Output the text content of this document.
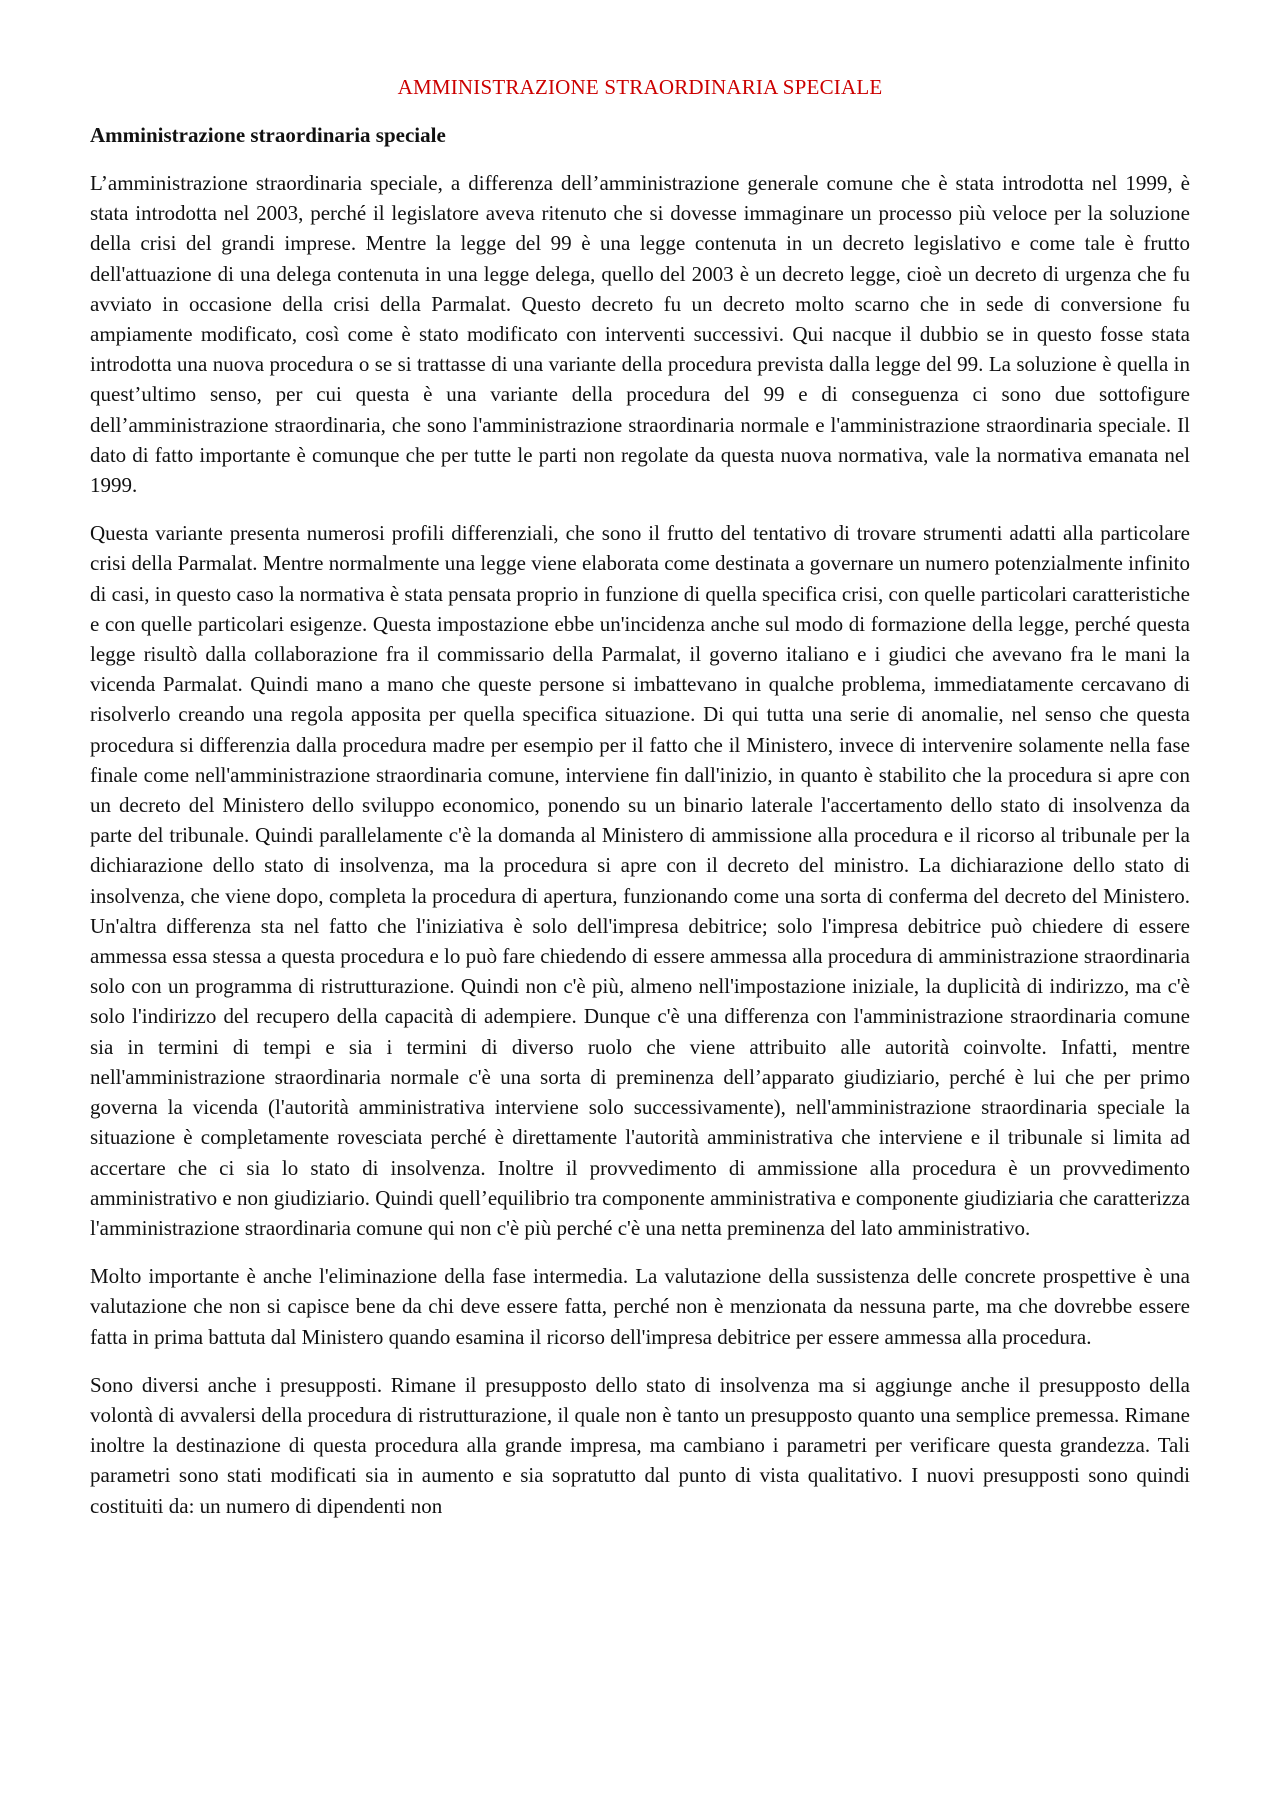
AMMINISTRAZIONE STRAORDINARIA SPECIALE
Amministrazione straordinaria speciale

L’amministrazione straordinaria speciale, a differenza dell’amministrazione generale comune che è stata introdotta nel 1999, è stata introdotta nel 2003, perché il legislatore aveva ritenuto che si dovesse immaginare un processo più veloce per la soluzione della crisi del grandi imprese. Mentre la legge del 99 è una legge contenuta in un decreto legislativo e come tale è frutto dell'attuazione di una delega contenuta in una legge delega, quello del 2003 è un decreto legge, cioè un decreto di urgenza che fu avviato in occasione della crisi della Parmalat. Questo decreto fu un decreto molto scarno che in sede di conversione fu ampiamente modificato, così come è stato modificato con interventi successivi. Qui nacque il dubbio se in questo fosse stata introdotta una nuova procedura o se si trattasse di una variante della procedura prevista dalla legge del 99. La soluzione è quella in quest’ultimo senso, per cui questa è una variante della procedura del 99 e di conseguenza ci sono due sottofigure dell’amministrazione straordinaria, che sono l'amministrazione straordinaria normale e l'amministrazione straordinaria speciale. Il dato di fatto importante è comunque che per tutte le parti non regolate da questa nuova normativa, vale la normativa emanata nel 1999.

Questa variante presenta numerosi profili differenziali, che sono il frutto del tentativo di trovare strumenti adatti alla particolare crisi della Parmalat. Mentre normalmente una legge viene elaborata come destinata a governare un numero potenzialmente infinito di casi, in questo caso la normativa è stata pensata proprio in funzione di quella specifica crisi, con quelle particolari caratteristiche e con quelle particolari esigenze. Questa impostazione ebbe un'incidenza anche sul modo di formazione della legge, perché questa legge risultò dalla collaborazione fra il commissario della Parmalat, il governo italiano e i giudici che avevano fra le mani la vicenda Parmalat. Quindi mano a mano che queste persone si imbattevano in qualche problema, immediatamente cercavano di risolverlo creando una regola apposita per quella specifica situazione. Di qui tutta una serie di anomalie, nel senso che questa procedura si differenzia dalla procedura madre per esempio per il fatto che il Ministero, invece di intervenire solamente nella fase finale come nell'amministrazione straordinaria comune, interviene fin dall'inizio, in quanto è stabilito che la procedura si apre con un decreto del Ministero dello sviluppo economico, ponendo su un binario laterale l'accertamento dello stato di insolvenza da parte del tribunale. Quindi parallelamente c'è la domanda al Ministero di ammissione alla procedura e il ricorso al tribunale per la dichiarazione dello stato di insolvenza, ma la procedura si apre con il decreto del ministro. La dichiarazione dello stato di insolvenza, che viene dopo, completa la procedura di apertura, funzionando come una sorta di conferma del decreto del Ministero. Un'altra differenza sta nel fatto che l'iniziativa è solo dell'impresa debitrice; solo l'impresa debitrice può chiedere di essere ammessa essa stessa a questa procedura e lo può fare chiedendo di essere ammessa alla procedura di amministrazione straordinaria solo con un programma di ristrutturazione. Quindi non c'è più, almeno nell'impostazione iniziale, la duplicità di indirizzo, ma c'è solo l'indirizzo del recupero della capacità di adempiere. Dunque c'è una differenza con l'amministrazione straordinaria comune sia in termini di tempi e sia i termini di diverso ruolo che viene attribuito alle autorità coinvolte. Infatti, mentre nell'amministrazione straordinaria normale c'è una sorta di preminenza dell’apparato giudiziario, perché è lui che per primo governa la vicenda (l'autorità amministrativa interviene solo successivamente), nell'amministrazione straordinaria speciale la situazione è completamente rovesciata perché è direttamente l'autorità amministrativa che interviene e il tribunale si limita ad accertare che ci sia lo stato di insolvenza. Inoltre il provvedimento di ammissione alla procedura è un provvedimento amministrativo e non giudiziario. Quindi quell’equilibrio tra componente amministrativa e componente giudiziaria che caratterizza l'amministrazione straordinaria comune qui non c'è più perché c'è una netta preminenza del lato amministrativo.

Molto importante è anche l'eliminazione della fase intermedia. La valutazione della sussistenza delle concrete prospettive è una valutazione che non si capisce bene da chi deve essere fatta, perché non è menzionata da nessuna parte, ma che dovrebbe essere fatta in prima battuta dal Ministero quando esamina il ricorso dell'impresa debitrice per essere ammessa alla procedura.

Sono diversi anche i presupposti. Rimane il presupposto dello stato di insolvenza ma si aggiunge anche il presupposto della volontà di avvalersi della procedura di ristrutturazione, il quale non è tanto un presupposto quanto una semplice premessa. Rimane inoltre la destinazione di questa procedura alla grande impresa, ma cambiano i parametri per verificare questa grandezza. Tali parametri sono stati modificati sia in aumento e sia sopratutto dal punto di vista qualitativo. I nuovi presupposti sono quindi costituiti da: un numero di dipendenti non
